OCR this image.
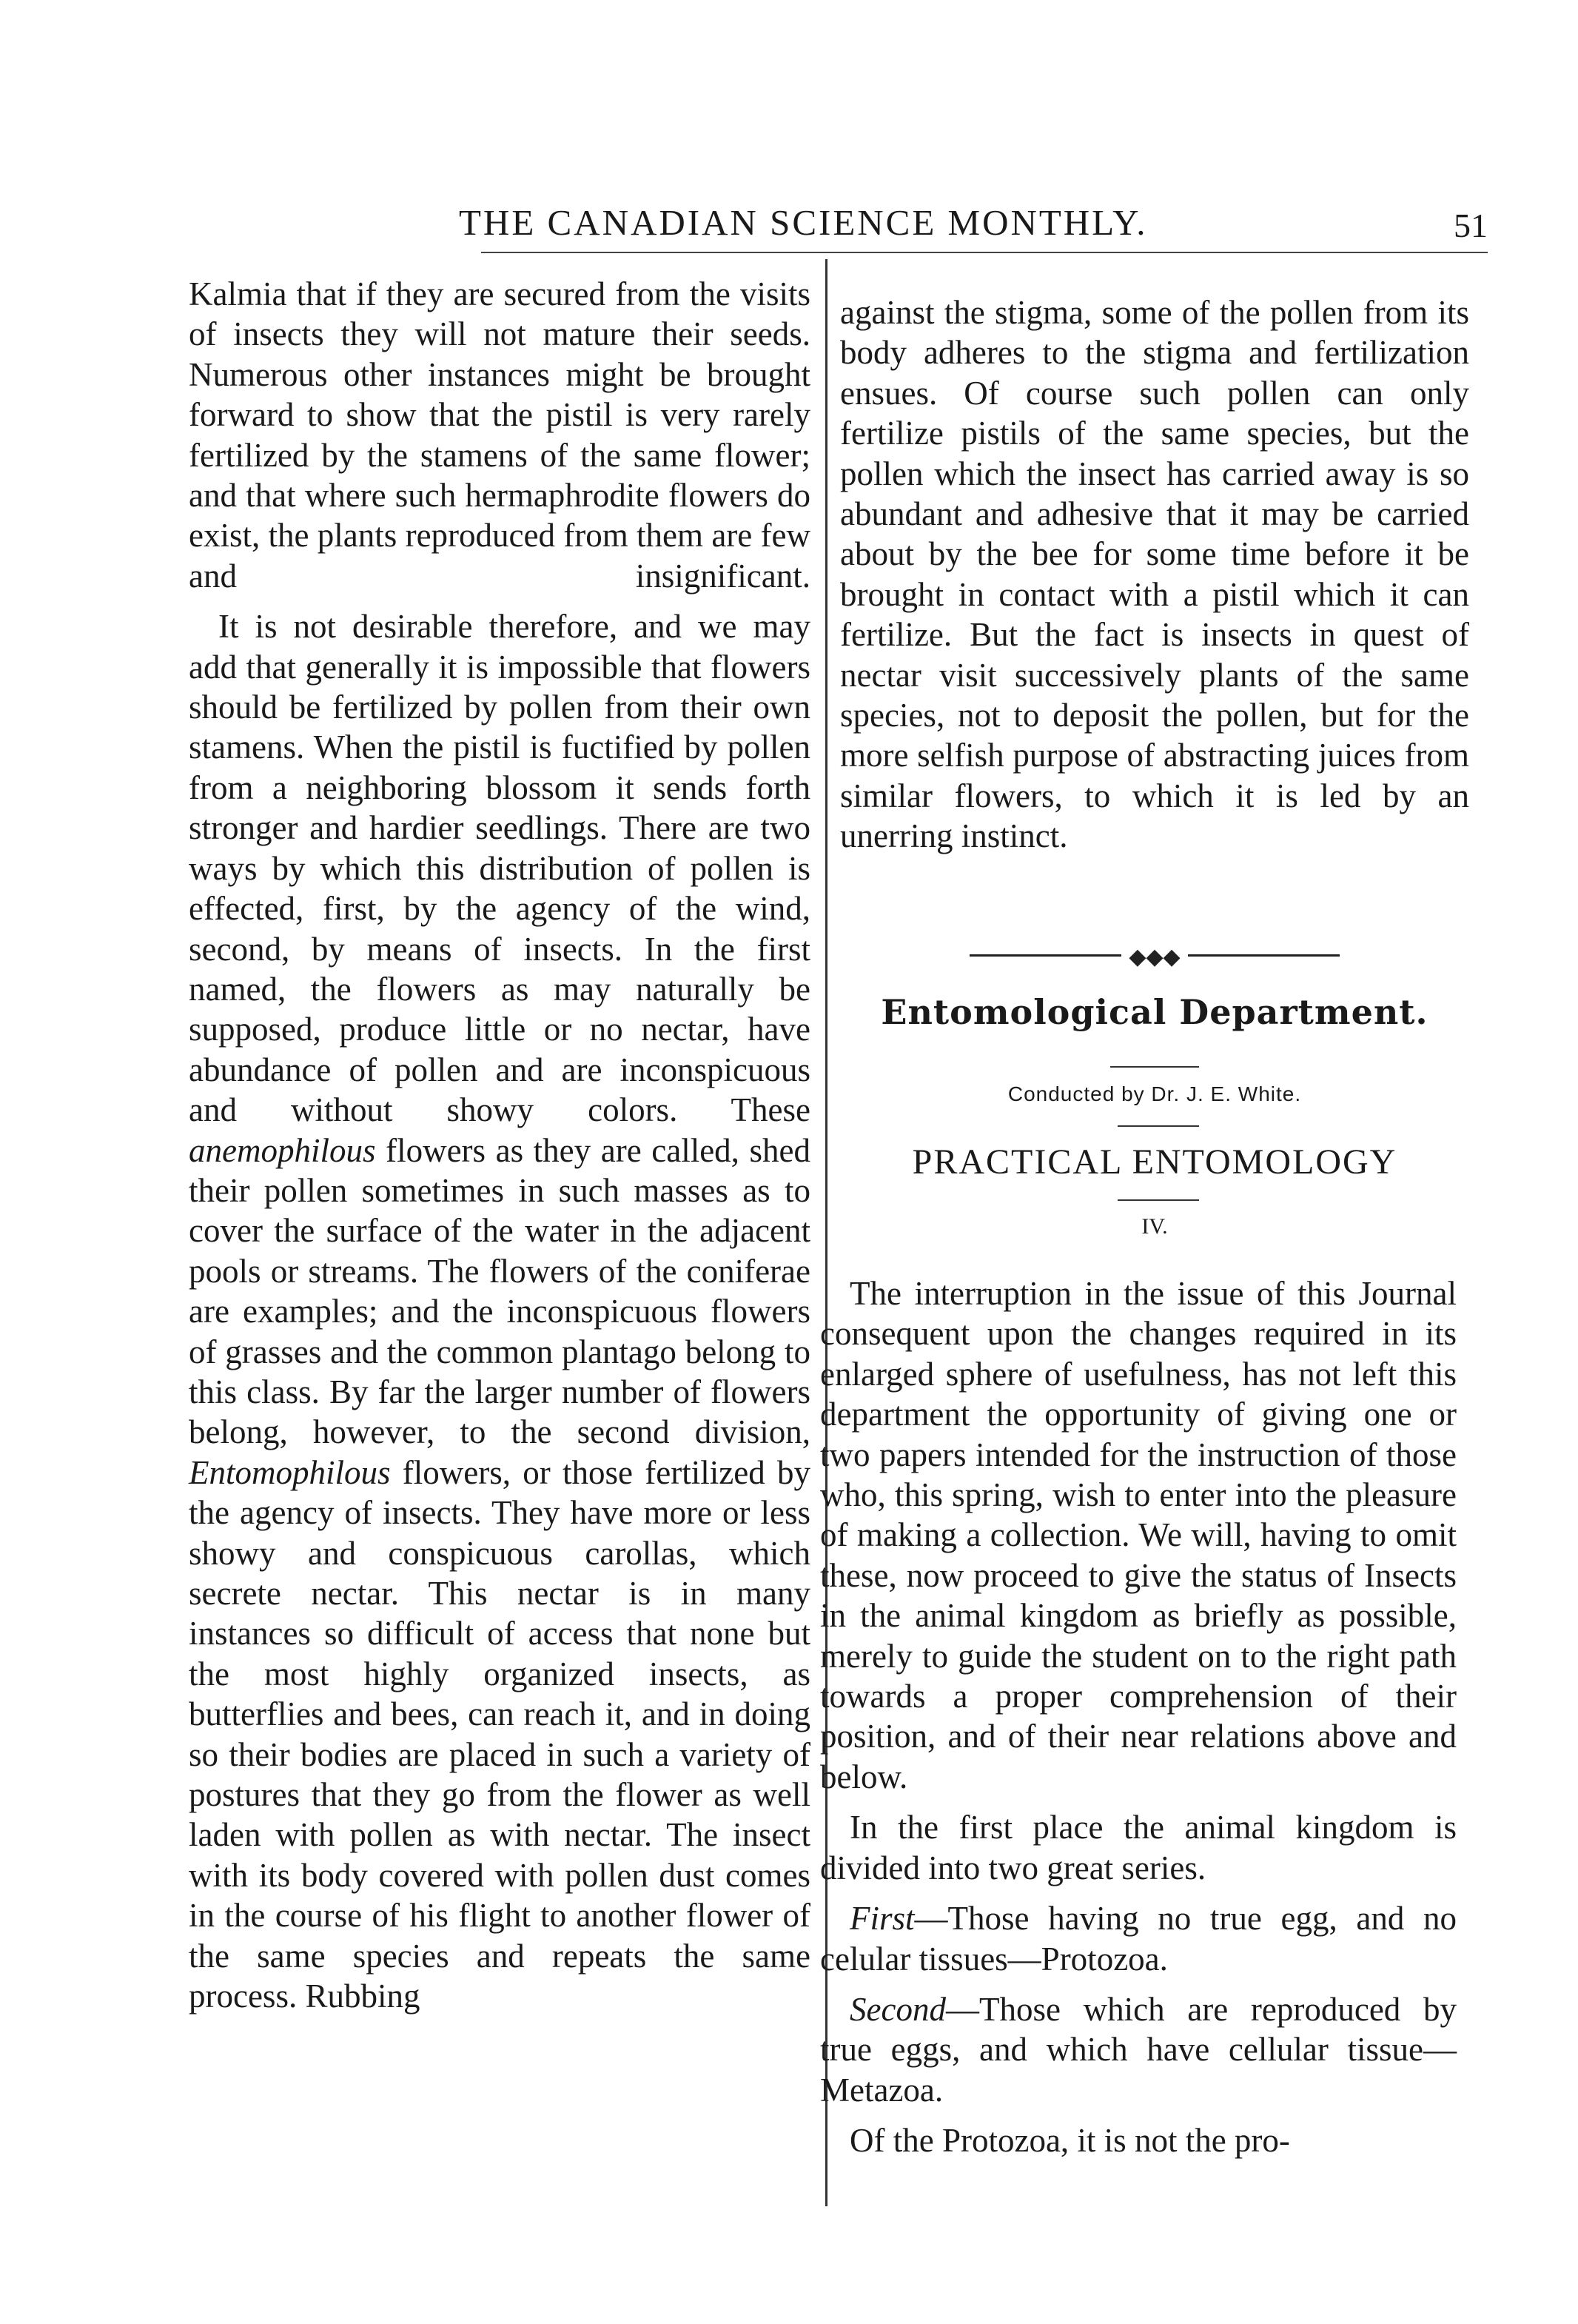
THE CANADIAN SCIENCE MONTHLY.	51

Kalmia that if they are secured from the visits of insects they will not mature their seeds. Numerous other instances might be brought forward to show that the pistil is very rarely fertilized by the stamens of the same flower; and that where such hermaphrodite flowers do exist, the plants reproduced from them are few and insignificant.

It is not desirable therefore, and we may add that generally it is impossible that flowers should be fertilized by pollen from their own stamens. When the pistil is fuctified by pollen from a neighboring blossom it sends forth stronger and hardier seedlings. There are two ways by which this distribution of pollen is effected, first, by the agency of the wind, second, by means of insects. In the first named, the flowers as may naturally be supposed, produce little or no nectar, have abundance of pollen and are inconspicuous and without showy colors. These anemophilous flowers as they are called, shed their pollen sometimes in such masses as to cover the surface of the water in the adjacent pools or streams. The flowers of the coniferae are examples; and the inconspicuous flowers of grasses and the common plantago belong to this class. By far the larger number of flowers belong, however, to the second division, Entomophilous flowers, or those fertilized by the agency of insects. They have more or less showy and conspicuous carollas, which secrete nectar. This nectar is in many instances so difficult of access that none but the most highly organized insects, as butterflies and bees, can reach it, and in doing so their bodies are placed in such a variety of postures that they go from the flower as well laden with pollen as with nectar. The insect with its body covered with pollen dust comes in the course of his flight to another flower of the same species and repeats the same process. Rubbing

against the stigma, some of the pollen from its body adheres to the stigma and fertilization ensues. Of course such pollen can only fertilize pistils of the same species, but the pollen which the insect has carried away is so abundant and adhesive that it may be carried about by the bee for some time before it be brought in contact with a pistil which it can fertilize. But the fact is insects in quest of nectar visit successively plants of the same species, not to deposit the pollen, but for the more selfish purpose of abstracting juices from similar flowers, to which it is led by an unerring instinct.

◆◆◆
Entomological Department.
Conducted by Dr. J. E. White.
PRACTICAL ENTOMOLOGY
IV.

The interruption in the issue of this Journal consequent upon the changes required in its enlarged sphere of usefulness, has not left this department the opportunity of giving one or two papers intended for the instruction of those who, this spring, wish to enter into the pleasure of making a collection. We will, having to omit these, now proceed to give the status of Insects in the animal kingdom as briefly as possible, merely to guide the student on to the right path towards a proper comprehension of their position, and of their near relations above and below.

In the first place the animal kingdom is divided into two great series.

First—Those having no true egg, and no celular tissues—Protozoa.

Second—Those which are reproduced by true eggs, and which have cellular tissue—Metazoa.

Of the Protozoa, it is not the pro-
